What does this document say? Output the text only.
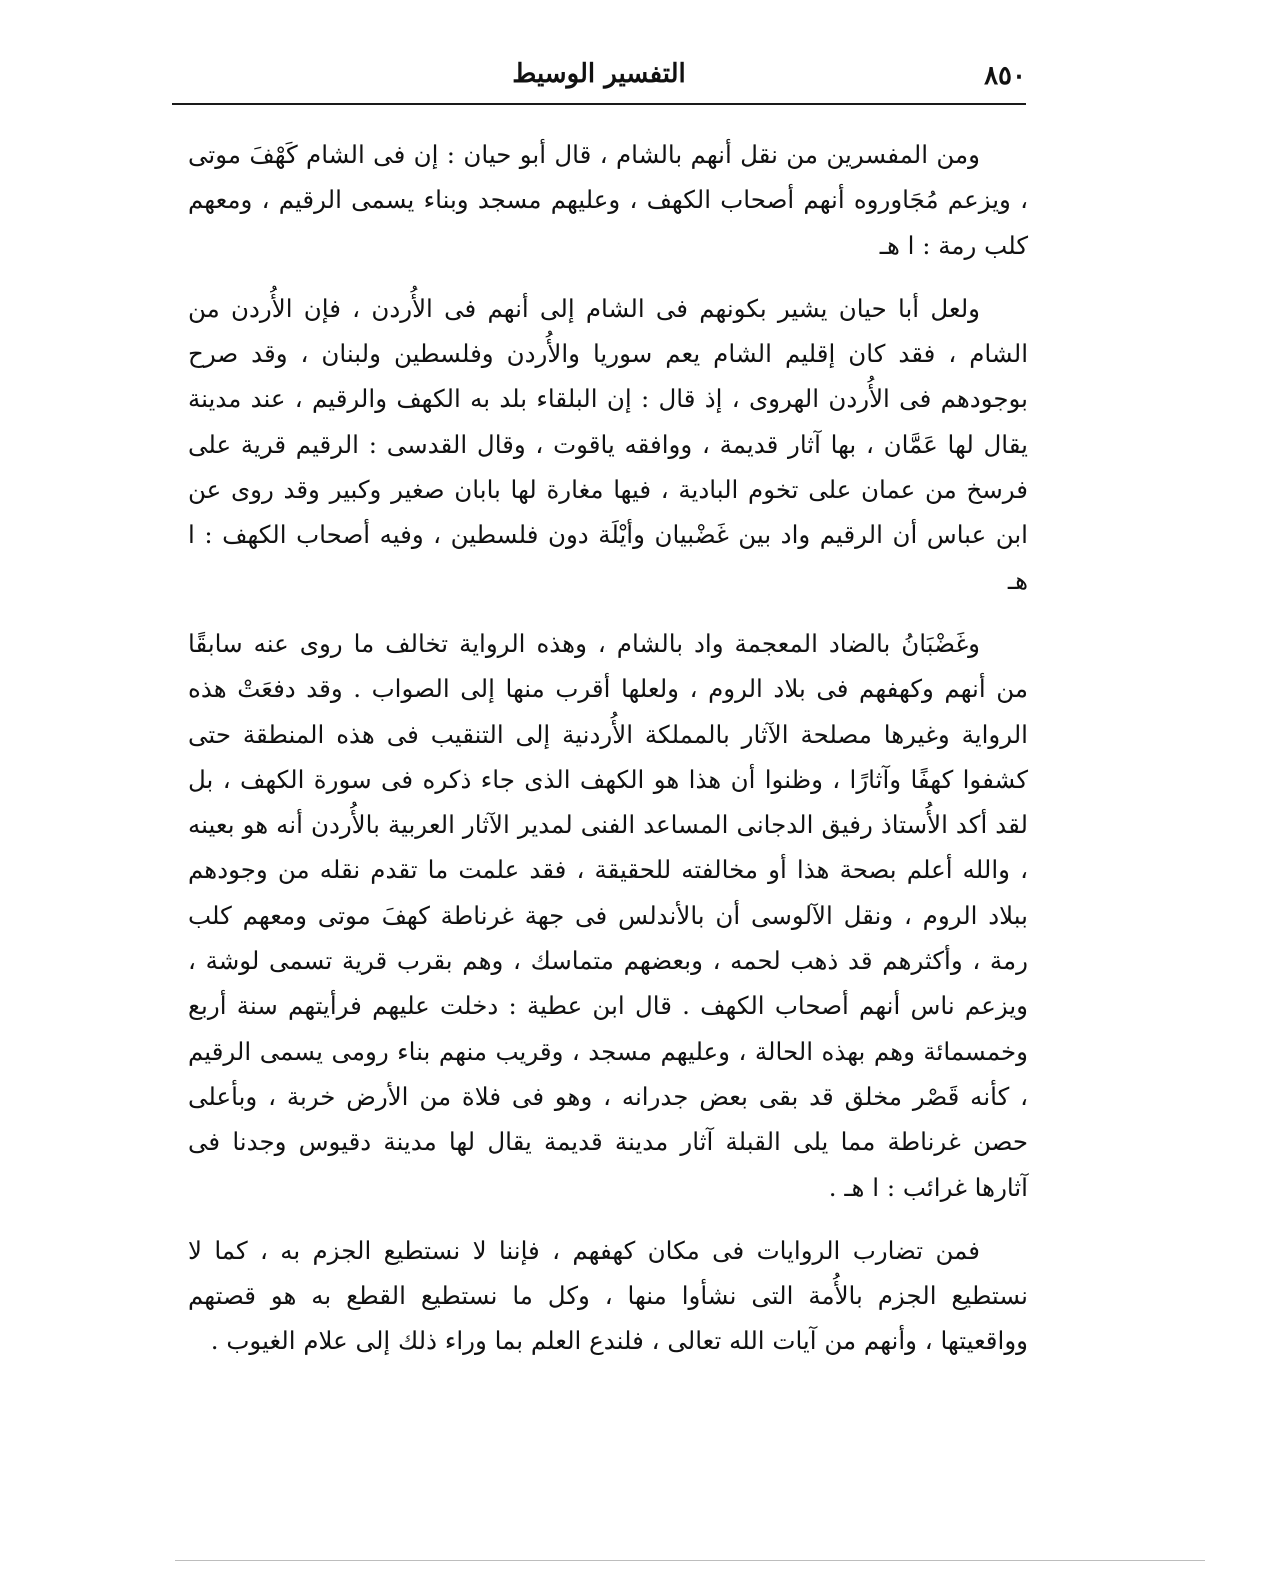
٨٥٠
التفسير الوسيط

ومن المفسرين من نقل أنهم بالشام ، قال أبو حيان : إن فى الشام كَهْفَ موتى ، ويزعم مُجَاوروه أنهم أصحاب الكهف ، وعليهم مسجد وبناء يسمى الرقيم ، ومعهم كلب رمة : ا هـ

ولعل أبا حيان يشير بكونهم فى الشام إلى أنهم فى الأُردن ، فإن الأُردن من الشام ، فقد كان إقليم الشام يعم سوريا والأُردن وفلسطين ولبنان ، وقد صرح بوجودهم فى الأُردن الهروى ، إذ قال : إن البلقاء بلد به الكهف والرقيم ، عند مدينة يقال لها عَمَّان ، بها آثار قديمة ، ووافقه ياقوت ، وقال القدسى : الرقيم قرية على فرسخ من عمان على تخوم البادية ، فيها مغارة لها بابان صغير وكبير وقد روى عن ابن عباس أن الرقيم واد بين غَضْبيان وأيْلَة دون فلسطين ، وفيه أصحاب الكهف : ا هـ

وغَضْبَانُ بالضاد المعجمة واد بالشام ، وهذه الرواية تخالف ما روى عنه سابقًا من أنهم وكهفهم فى بلاد الروم ، ولعلها أقرب منها إلى الصواب . وقد دفعَتْ هذه الرواية وغيرها مصلحة الآثار بالمملكة الأُردنية إلى التنقيب فى هذه المنطقة حتى كشفوا كهفًا وآثارًا ، وظنوا أن هذا هو الكهف الذى جاء ذكره فى سورة الكهف ، بل لقد أكد الأُستاذ رفيق الدجانى المساعد الفنى لمدير الآثار العربية بالأُردن أنه هو بعينه ، والله أعلم بصحة هذا أو مخالفته للحقيقة ، فقد علمت ما تقدم نقله من وجودهم ببلاد الروم ، ونقل الآلوسى أن بالأندلس فى جهة غرناطة كهفَ موتى ومعهم كلب رمة ، وأكثرهم قد ذهب لحمه ، وبعضهم متماسك ، وهم بقرب قرية تسمى لوشة ، ويزعم ناس أنهم أصحاب الكهف . قال ابن عطية : دخلت عليهم فرأيتهم سنة أربع وخمسمائة وهم بهذه الحالة ، وعليهم مسجد ، وقريب منهم بناء رومى يسمى الرقيم ، كأنه قَصْر مخلق قد بقى بعض جدرانه ، وهو فى فلاة من الأرض خربة ، وبأعلى حصن غرناطة مما يلى القبلة آثار مدينة قديمة يقال لها مدينة دقيوس وجدنا فى آثارها غرائب : ا هـ .

فمن تضارب الروايات فى مكان كهفهم ، فإننا لا نستطيع الجزم به ، كما لا نستطيع الجزم بالأُمة التى نشأوا منها ، وكل ما نستطيع القطع به هو قصتهم وواقعيتها ، وأنهم من آيات الله تعالى ، فلندع العلم بما وراء ذلك إلى علام الغيوب .
